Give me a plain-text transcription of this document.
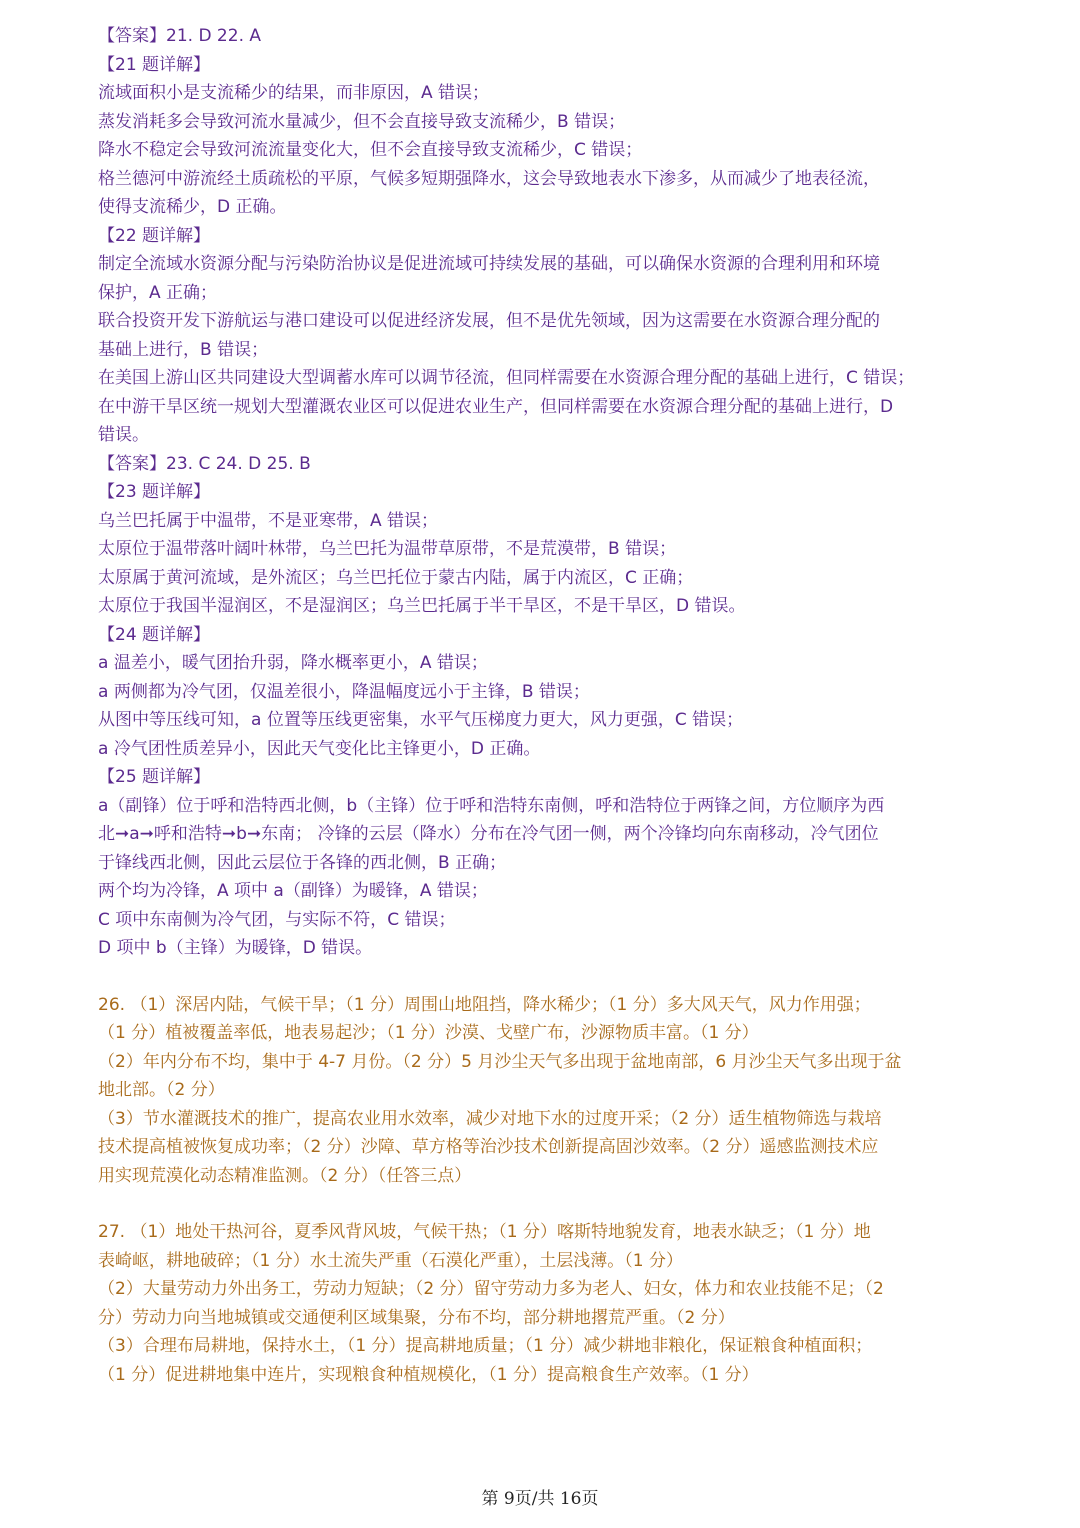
【答案】21. D 22. A
【21 题详解】
流域面积小是支流稀少的结果，而非原因，A 错误；
蒸发消耗多会导致河流水量减少，但不会直接导致支流稀少，B 错误；
降水不稳定会导致河流流量变化大，但不会直接导致支流稀少，C 错误；
格兰德河中游流经土质疏松的平原，气候多短期强降水，这会导致地表水下渗多，从而减少了地表径流，
使得支流稀少，D 正确。
【22 题详解】
制定全流域水资源分配与污染防治协议是促进流域可持续发展的基础，可以确保水资源的合理利用和环境
保护，A 正确；
联合投资开发下游航运与港口建设可以促进经济发展，但不是优先领域，因为这需要在水资源合理分配的
基础上进行，B 错误；
在美国上游山区共同建设大型调蓄水库可以调节径流，但同样需要在水资源合理分配的基础上进行，C 错误；
在中游干旱区统一规划大型灌溉农业区可以促进农业生产，但同样需要在水资源合理分配的基础上进行，D
错误。
【答案】23. C 24. D 25. B
【23 题详解】
乌兰巴托属于中温带，不是亚寒带，A 错误；
太原位于温带落叶阔叶林带，乌兰巴托为温带草原带，不是荒漠带，B 错误；
太原属于黄河流域，是外流区；乌兰巴托位于蒙古内陆，属于内流区，C 正确；
太原位于我国半湿润区，不是湿润区；乌兰巴托属于半干旱区，不是干旱区，D 错误。
【24 题详解】
a 温差小，暖气团抬升弱，降水概率更小，A 错误；
a 两侧都为冷气团，仅温差很小，降温幅度远小于主锋，B 错误；
从图中等压线可知，a 位置等压线更密集，水平气压梯度力更大，风力更强，C 错误；
a 冷气团性质差异小，因此天气变化比主锋更小，D 正确。
【25 题详解】
a（副锋）位于呼和浩特西北侧，b（主锋）位于呼和浩特东南侧，呼和浩特位于两锋之间，方位顺序为西
北➞a➞呼和浩特➞b➞东南； 冷锋的云层（降水）分布在冷气团一侧，两个冷锋均向东南移动，冷气团位
于锋线西北侧，因此云层位于各锋的西北侧，B 正确；
两个均为冷锋，A 项中 a（副锋）为暖锋，A 错误；
C 项中东南侧为冷气团，与实际不符，C 错误；
D 项中 b（主锋）为暖锋，D 错误。
26. （1）深居内陆，气候干旱；（1 分）周围山地阻挡，降水稀少；（1 分）多大风天气，风力作用强；
（1 分）植被覆盖率低，地表易起沙；（1 分）沙漠、戈壁广布，沙源物质丰富。（1 分）
（2）年内分布不均，集中于 4-7 月份。（2 分）5 月沙尘天气多出现于盆地南部，6 月沙尘天气多出现于盆
地北部。（2 分）
（3）节水灌溉技术的推广，提高农业用水效率，减少对地下水的过度开采；（2 分）适生植物筛选与栽培
技术提高植被恢复成功率；（2 分）沙障、草方格等治沙技术创新提高固沙效率。（2 分）遥感监测技术应
用实现荒漠化动态精准监测。（2 分）（任答三点）
27. （1）地处干热河谷，夏季风背风坡，气候干热；（1 分）喀斯特地貌发育，地表水缺乏；（1 分）地
表崎岖，耕地破碎；（1 分）水土流失严重（石漠化严重），土层浅薄。（1 分）
（2）大量劳动力外出务工，劳动力短缺；（2 分）留守劳动力多为老人、妇女，体力和农业技能不足；（2
分）劳动力向当地城镇或交通便利区域集聚，分布不均，部分耕地撂荒严重。（2 分）
（3）合理布局耕地，保持水土，（1 分）提高耕地质量；（1 分）减少耕地非粮化，保证粮食种植面积；
（1 分）促进耕地集中连片，实现粮食种植规模化，（1 分）提高粮食生产效率。（1 分）
第 9页/共 16页
